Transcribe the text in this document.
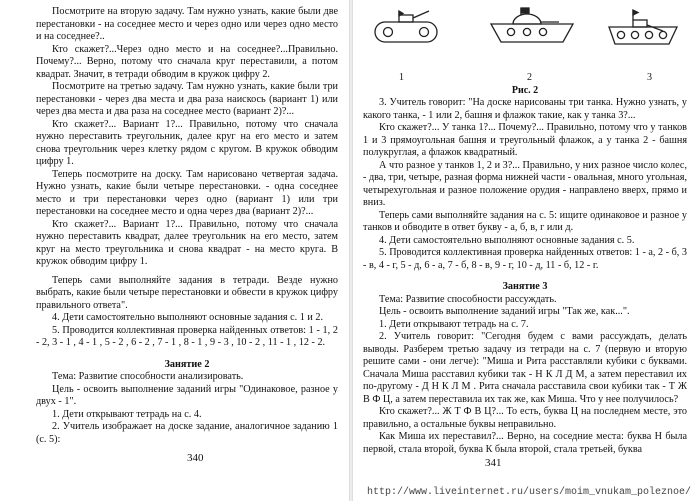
Посмотрите на вторую задачу. Там нужно узнать, какие были две перестановки - на соседнее место и через одно или через одно место и на соседнее?..

Кто скажет?...Через одно место и на соседнее?...Правильно. Почему?... Верно, потому что сначала круг переставили, а потом квадрат. Значит, в тетради обводим в кружок цифру 2.

Посмотрите на третью задачу. Там нужно узнать, какие были три перестановки - через два места и два раза наискось (вариант 1) или через два места и два раза на соседнее место (вариант 2)?...

Кто скажет?... Вариант 1?... Правильно, потому что сначала нужно переставить треугольник, далее круг на его место и затем снова треугольник через клетку рядом с кругом. В кружок обводим цифру 1.

Теперь посмотрите на доску. Там нарисовано четвертая задача. Нужно узнать, какие были четыре перестановки. - одна соседнее место и три перестановки через одно (вариант 1) или три перестановки на соседнее место и одна через два (вариант 2)?...

Кто скажет?... Вариант 1?... Правильно, потому что сначала нужно переставить квадрат, далее треугольник на его место, затем круг на место треугольника и снова квадрат - на место круга. В кружок обводим цифру 1.

Теперь сами выполняйте задания в тетради. Везде нужно выбрать, какие были четыре перестановки и обвести в кружок цифру правильного ответа".

4. Дети самостоятельно выполняют основные задания с. 1 и 2.

5. Проводится коллективная проверка найденных ответов: 1 - 1, 2 - 2, 3 - 1 , 4 - 1 , 5 - 2 , 6 - 2 , 7 - 1 , 8 - 1 , 9 - 3 , 10 - 2 , 11 - 1 , 12 - 2.

Занятие 2

Тема: Развитие способности анализировать.

Цель - освоить выполнение заданий игры "Одинаковое, разное у двух - 1".

1. Дети открывают тетрадь на с. 4.

2. Учитель изображает на доске задание, аналогичное заданию 1 (с. 5):

340
1	2	3
Рис. 2

3. Учитель говорит: "На доске нарисованы три танка. Нужно узнать, у какого танка, - 1 или 2, башня и флажок такие, как у танка 3?...

Кто скажет?... У танка 1?... Почему?... Правильно, потому что у танков 1 и 3 прямоугольная башня и треугольный флажок, а у танка 2 - башня полукруглая, а флажок квадратный.

А что разное у танков 1, 2 и 3?... Правильно, у них разное число колес, - два, три, четыре, разная форма нижней части - овальная, много угольная, четырехугольная и разное положение орудия - направлено вверх, прямо и вниз.

Теперь сами выполняйте задания на с. 5: ищите одинаковое и разное у танков и обводите в ответ букву - а, б, в, г или д.

4. Дети самостоятельно выполняют основные задания с. 5.

5. Проводится коллективная проверка найденных ответов: 1 - а, 2 - б, 3 - в, 4 - г, 5 - д, 6 - а, 7 - б, 8 - в, 9 - г, 10 - д, 11 - б, 12 - г.

Занятие 3

Тема: Развитие способности рассуждать.

Цель - освоить выполнение заданий игры "Так же, как...".

1. Дети открывают тетрадь на с. 7.

2. Учитель говорит: "Сегодня будем с вами рассуждать, делать выводы. Разберем третью задачу из тетради на с. 7 (первую и вторую решите сами - они легче): "Миша и Рита расставляли кубики с буквами. Сначала Миша расставил кубики так - Н К Л Д М, а затем переставил их по-другому - Д Н К Л М . Рита сначала расставила свои кубики так - Т Ж В Ф Ц, а затем переставила их так же, как Миша. Что у нее получилось?

Кто скажет?... Ж Т Ф В Ц?... То есть, буква Ц на последнем месте, это правильно, а остальные буквы неправильно.

Как Миша их переставил?... Верно, на соседние места: буква Н была первой, стала второй, буква К была второй, стала третьей, буква

341
http://www.liveinternet.ru/users/moim_vnukam_poleznoe/
